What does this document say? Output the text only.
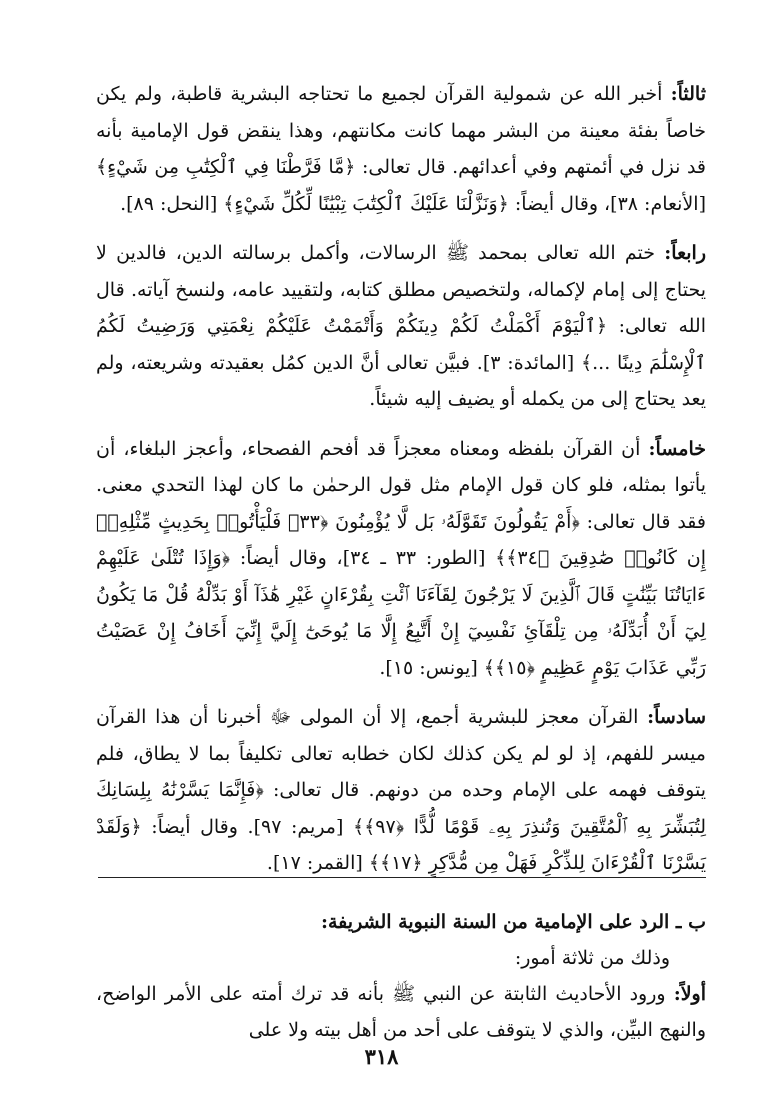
ثالثاً: أخبر الله عن شمولية القرآن لجميع ما تحتاجه البشرية قاطبة، ولم يكن خاصاً بفئة معينة من البشر مهما كانت مكانتهم، وهذا ينقض قول الإمامية بأنه قد نزل في أئمتهم وفي أعدائهم. قال تعالى: ﴿مَّا فَرَّطْنَا فِي ٱلْكِتَٰبِ مِن شَيْءٍ﴾ [الأنعام: ٣٨]، وقال أيضاً: ﴿وَنَزَّلْنَا عَلَيْكَ ٱلْكِتَٰبَ تِبْيَٰنًا لِّكُلِّ شَيْءٍ﴾ [النحل: ٨٩].

رابعاً: ختم الله تعالى بمحمد ﷺ الرسالات، وأكمل برسالته الدين، فالدين لا يحتاج إلى إمام لإكماله، ولتخصيص مطلق كتابه، ولتقييد عامه، ولنسخ آياته. قال الله تعالى: ﴿ٱلْيَوْمَ أَكْمَلْتُ لَكُمْ دِينَكُمْ وَأَتْمَمْتُ عَلَيْكُمْ نِعْمَتِي وَرَضِيتُ لَكُمُ ٱلْإِسْلَٰمَ دِينًا ...﴾ [المائدة: ٣]. فبيَّن تعالى أنَّ الدين كمُل بعقيدته وشريعته، ولم يعد يحتاج إلى من يكمله أو يضيف إليه شيئاً.

خامساً: أن القرآن بلفظه ومعناه معجزاً قد أفحم الفصحاء، وأعجز البلغاء، أن يأتوا بمثله، فلو كان قول الإمام مثل قول الرحمٰن ما كان لهذا التحدي معنى. فقد قال تعالى: ﴿أَمْ يَقُولُونَ تَقَوَّلَهُۥ بَل لَّا يُؤْمِنُونَ ﴿٣٣﴾ فَلْيَأْتُوا۟ بِحَدِيثٍ مِّثْلِهِۦٓ إِن كَانُوا۟ صَٰدِقِينَ ﴿٣٤﴾﴾ [الطور: ٣٣ ـ ٣٤]، وقال أيضاً: ﴿وَإِذَا تُتْلَىٰ عَلَيْهِمْ ءَايَاتُنَا بَيِّنَٰتٍ قَالَ ٱلَّذِينَ لَا يَرْجُونَ لِقَآءَنَا ٱئْتِ بِقُرْءَانٍ غَيْرِ هَٰذَآ أَوْ بَدِّلْهُ قُلْ مَا يَكُونُ لِيٓ أَنْ أُبَدِّلَهُۥ مِن تِلْقَآئِ نَفْسِيٓ إِنْ أَتَّبِعُ إِلَّا مَا يُوحَىٰٓ إِلَيَّ إِنِّيٓ أَخَافُ إِنْ عَصَيْتُ رَبِّي عَذَابَ يَوْمٍ عَظِيمٍ ﴿١٥﴾﴾ [يونس: ١٥].

سادساً: القرآن معجز للبشرية أجمع، إلا أن المولى ﷻ أخبرنا أن هذا القرآن ميسر للفهم، إذ لو لم يكن كذلك لكان خطابه تعالى تكليفاً بما لا يطاق، فلم يتوقف فهمه على الإمام وحده من دونهم. قال تعالى: ﴿فَإِنَّمَا يَسَّرْنَٰهُ بِلِسَانِكَ لِتُبَشِّرَ بِهِ ٱلْمُتَّقِينَ وَتُنذِرَ بِهِۦ قَوْمًا لُّدًّا ﴿٩٧﴾﴾ [مريم: ٩٧]. وقال أيضاً: ﴿وَلَقَدْ يَسَّرْنَا ٱلْقُرْءَانَ لِلذِّكْرِ فَهَلْ مِن مُّدَّكِرٍ ﴿١٧﴾﴾ [القمر: ١٧].

ب ـ الرد على الإمامية من السنة النبوية الشريفة:

وذلك من ثلاثة أمور:

أولاً: ورود الأحاديث الثابتة عن النبي ﷺ بأنه قد ترك أمته على الأمر الواضح، والنهج البيِّن، والذي لا يتوقف على أحد من أهل بيته ولا على

٣١٨
